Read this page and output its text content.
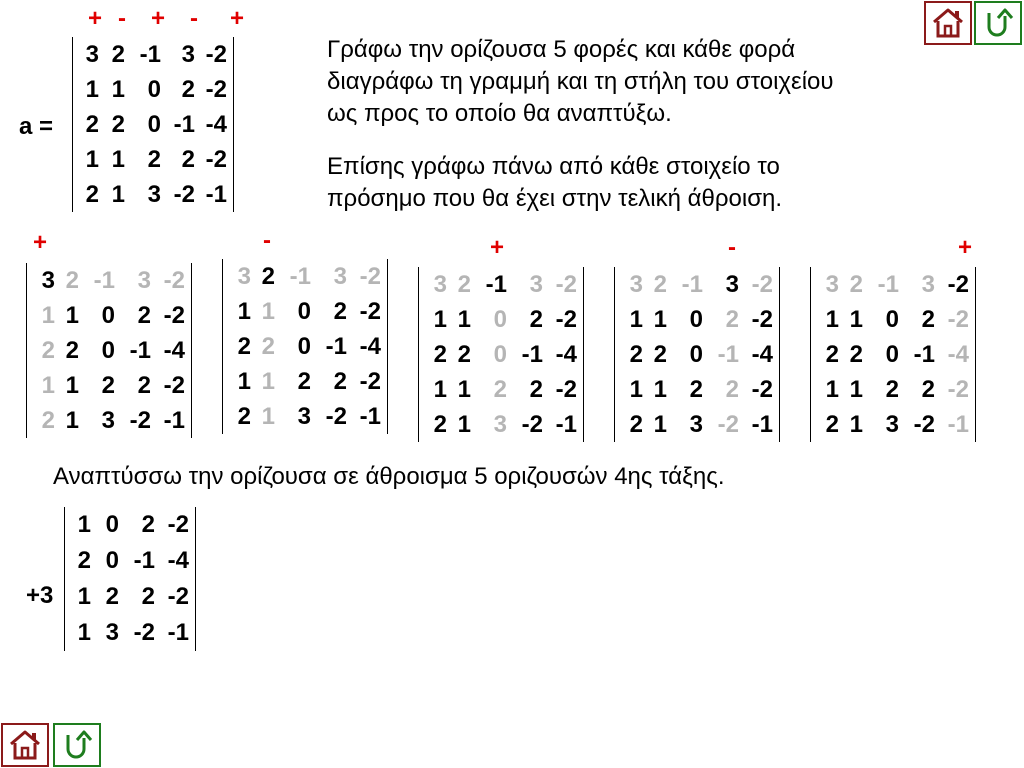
+ - + - +
a =
3	2	-1	3	-2
1	1	0	2	-2
2	2	0	-1	-4
1	1	2	2	-2
2	1	3	-2	-1
Γράφω την ορίζουσα 5 φορές και κάθε φορά
διαγράφω τη γραμμή και τη στήλη του στοιχείου
ως προς το οποίο θα αναπτύξω.
Επίσης γράφω πάνω από κάθε στοιχείο το
πρόσημο που θα έχει στην τελική άθροιση.
+
3	2	-1	3	-2
1	1	0	2	-2
2	2	0	-1	-4
1	1	2	2	-2
2	1	3	-2	-1
-
3	2	-1	3	-2
1	1	0	2	-2
2	2	0	-1	-4
1	1	2	2	-2
2	1	3	-2	-1
+
3	2	-1	3	-2
1	1	0	2	-2
2	2	0	-1	-4
1	1	2	2	-2
2	1	3	-2	-1
-
3	2	-1	3	-2
1	1	0	2	-2
2	2	0	-1	-4
1	1	2	2	-2
2	1	3	-2	-1
+
3	2	-1	3	-2
1	1	0	2	-2
2	2	0	-1	-4
1	1	2	2	-2
2	1	3	-2	-1
Αναπτύσσω την ορίζουσα σε άθροισμα 5 οριζουσών 4ης τάξης.
+3
1	0	2	-2
2	0	-1	-4
1	2	2	-2
1	3	-2	-1
